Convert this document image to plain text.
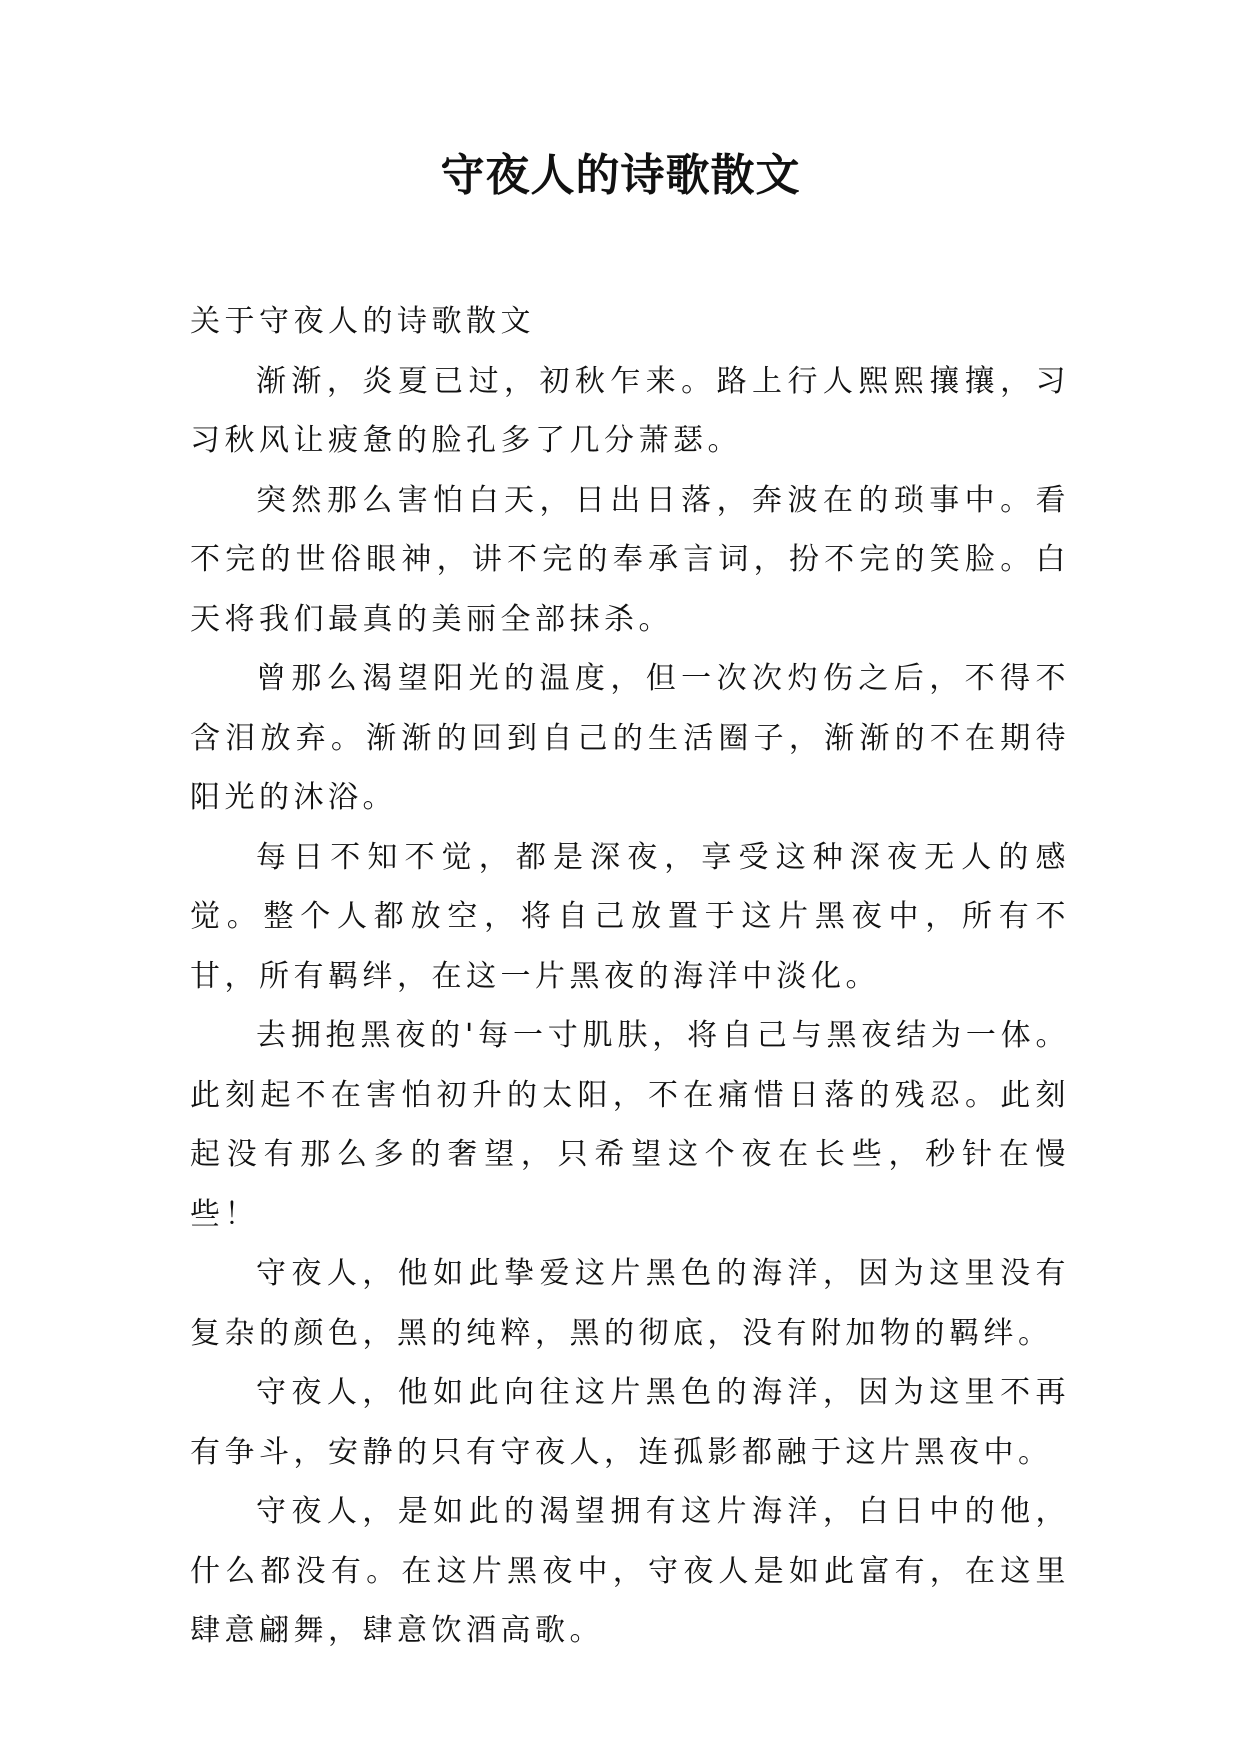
守夜人的诗歌散文

关于守夜人的诗歌散文

渐渐，炎夏已过，初秋乍来。路上行人熙熙攘攘，习习秋风让疲惫的脸孔多了几分萧瑟。

突然那么害怕白天，日出日落，奔波在的琐事中。看不完的世俗眼神，讲不完的奉承言词，扮不完的笑脸。白天将我们最真的美丽全部抹杀。

曾那么渴望阳光的温度，但一次次灼伤之后，不得不含泪放弃。渐渐的回到自己的生活圈子，渐渐的不在期待阳光的沐浴。

每日不知不觉，都是深夜，享受这种深夜无人的感觉。整个人都放空，将自己放置于这片黑夜中，所有不甘，所有羁绊，在这一片黑夜的海洋中淡化。

去拥抱黑夜的'每一寸肌肤，将自己与黑夜结为一体。此刻起不在害怕初升的太阳，不在痛惜日落的残忍。此刻起没有那么多的奢望，只希望这个夜在长些，秒针在慢些！

守夜人，他如此挚爱这片黑色的海洋，因为这里没有复杂的颜色，黑的纯粹，黑的彻底，没有附加物的羁绊。

守夜人，他如此向往这片黑色的海洋，因为这里不再有争斗，安静的只有守夜人，连孤影都融于这片黑夜中。

守夜人，是如此的渴望拥有这片海洋，白日中的他，什么都没有。在这片黑夜中，守夜人是如此富有，在这里肆意翩舞，肆意饮酒高歌。
